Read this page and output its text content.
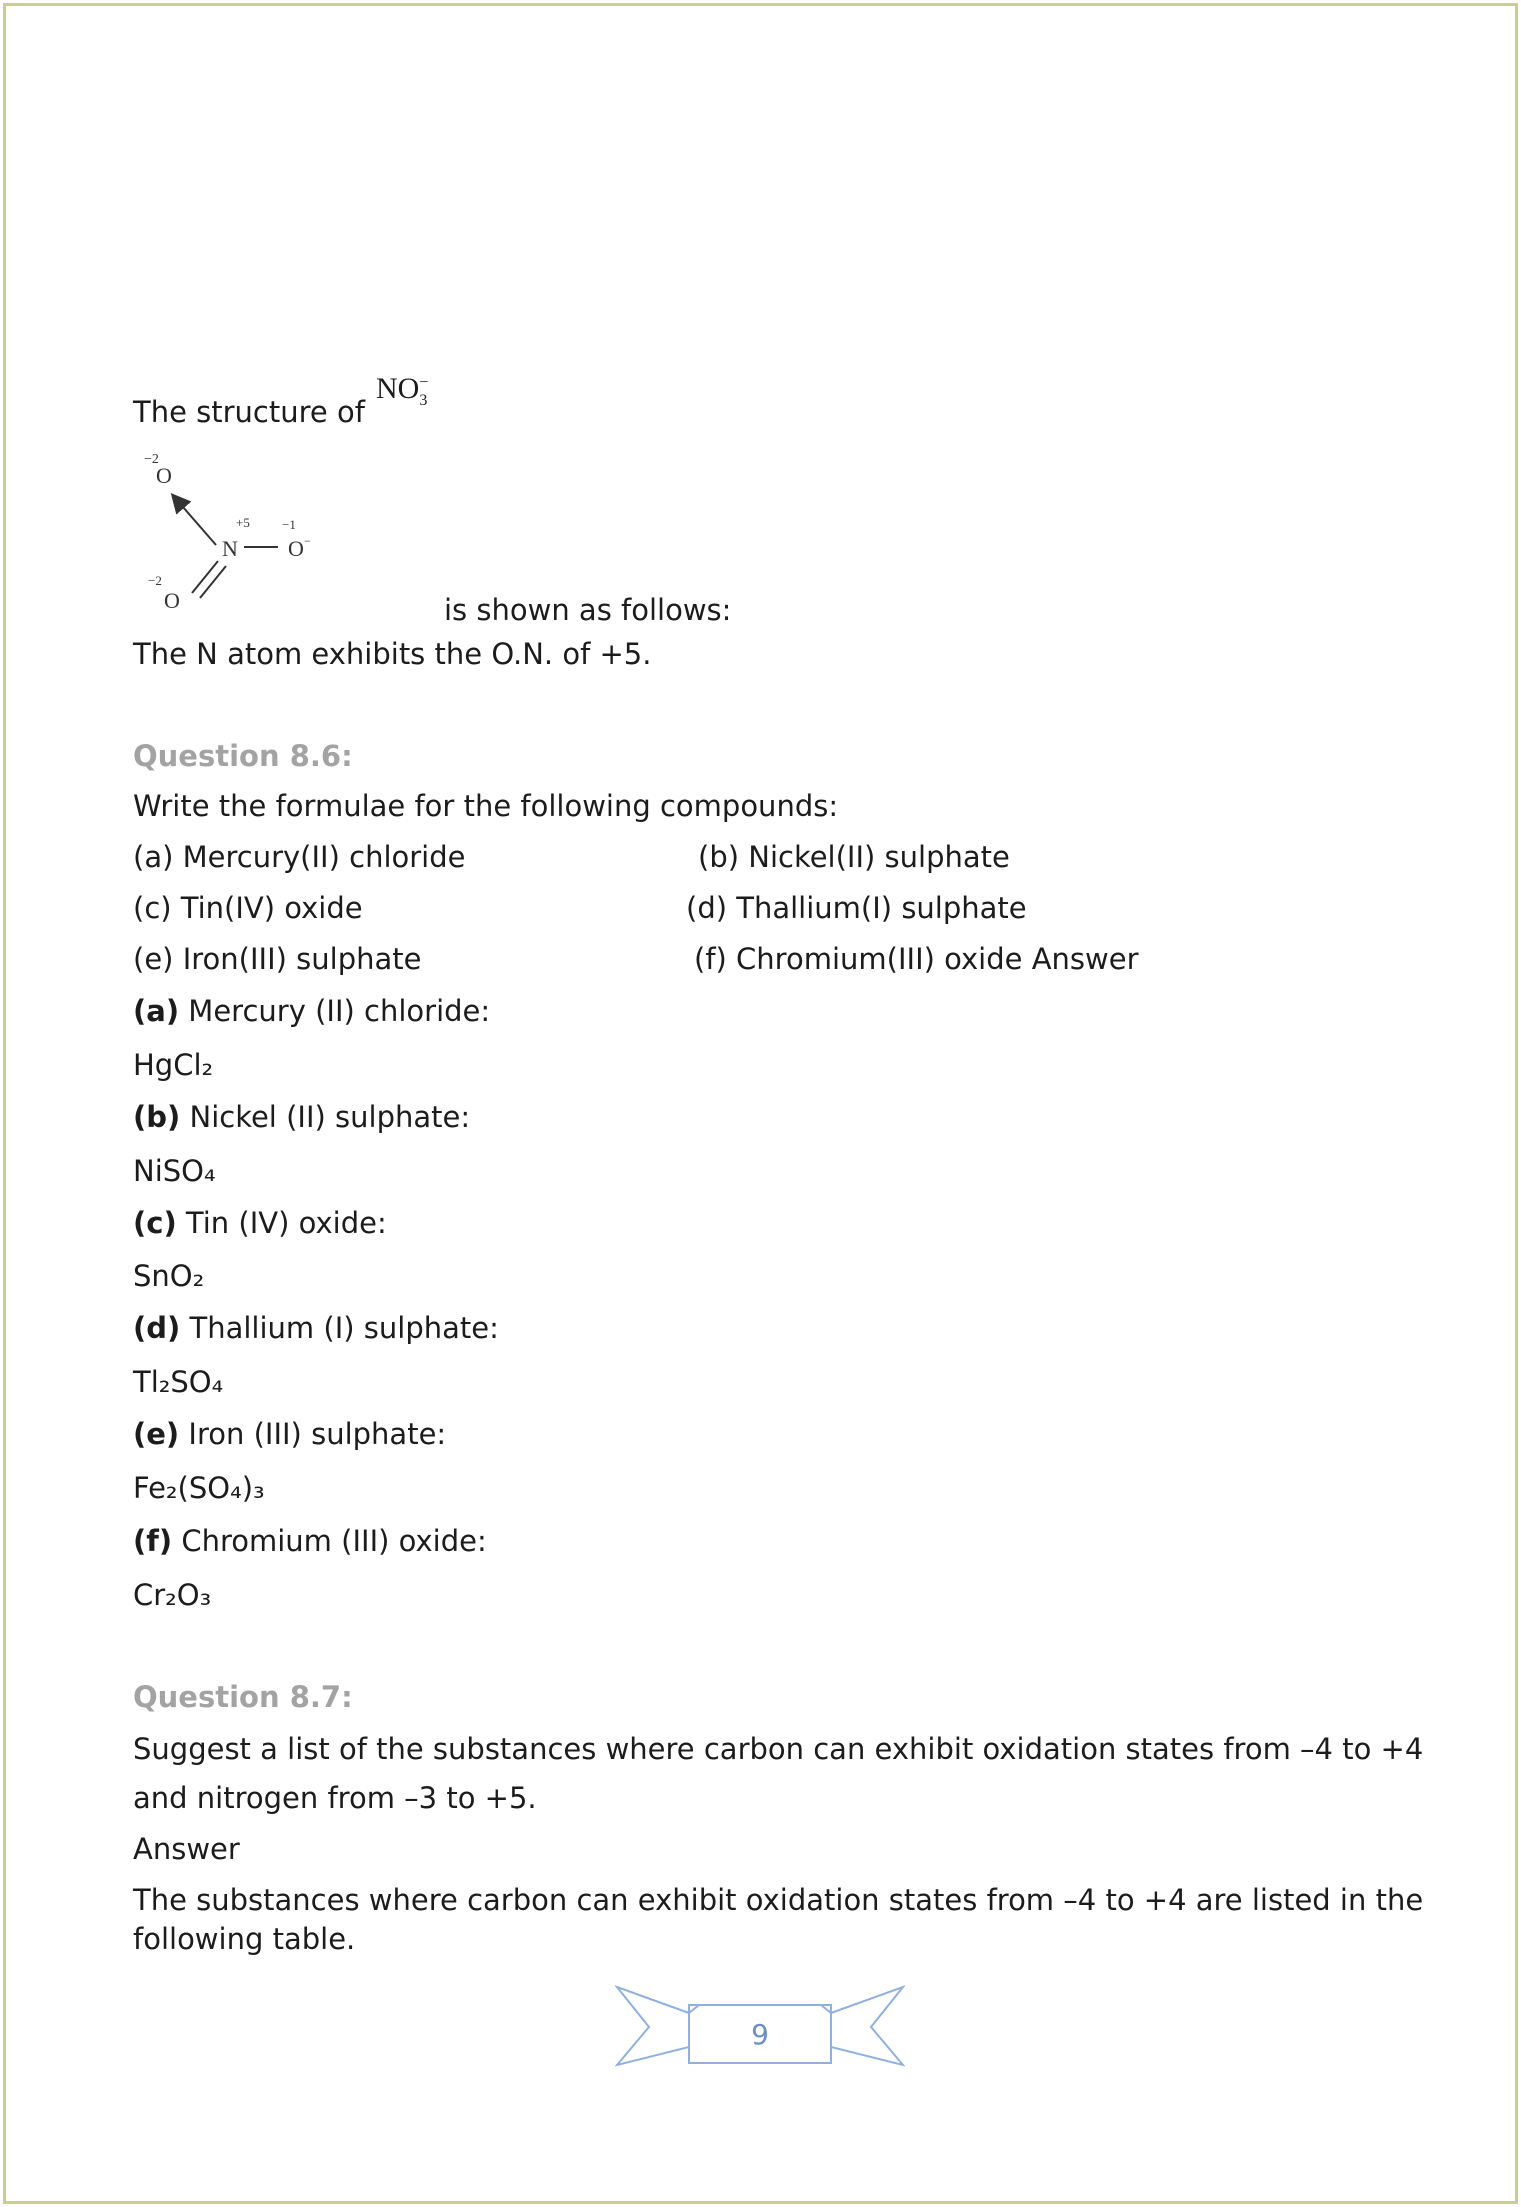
The structure of
$NO_3^-$
−2
O
+5
N
−1
O −
−2
O	is shown as follows:
The N atom exhibits the O.N. of +5.
Question 8.6:
Write the formulae for the following compounds:
(a) Mercury(II) chloride	(b) Nickel(II) sulphate
(c) Tin(IV) oxide	(d) Thallium(I) sulphate
(e) Iron(III) sulphate	(f) Chromium(III) oxide Answer
(a) Mercury (II) chloride:
HgCl₂
(b) Nickel (II) sulphate:
NiSO₄
(c) Tin (IV) oxide:
SnO₂
(d) Thallium (I) sulphate:
Tl₂SO₄
(e) Iron (III) sulphate:
Fe₂(SO₄)₃
(f) Chromium (III) oxide:
Cr₂O₃
Question 8.7:
Suggest a list of the substances where carbon can exhibit oxidation states from –4 to +4
and nitrogen from –3 to +5.
Answer
The substances where carbon can exhibit oxidation states from –4 to +4 are listed in the
following table.
9
